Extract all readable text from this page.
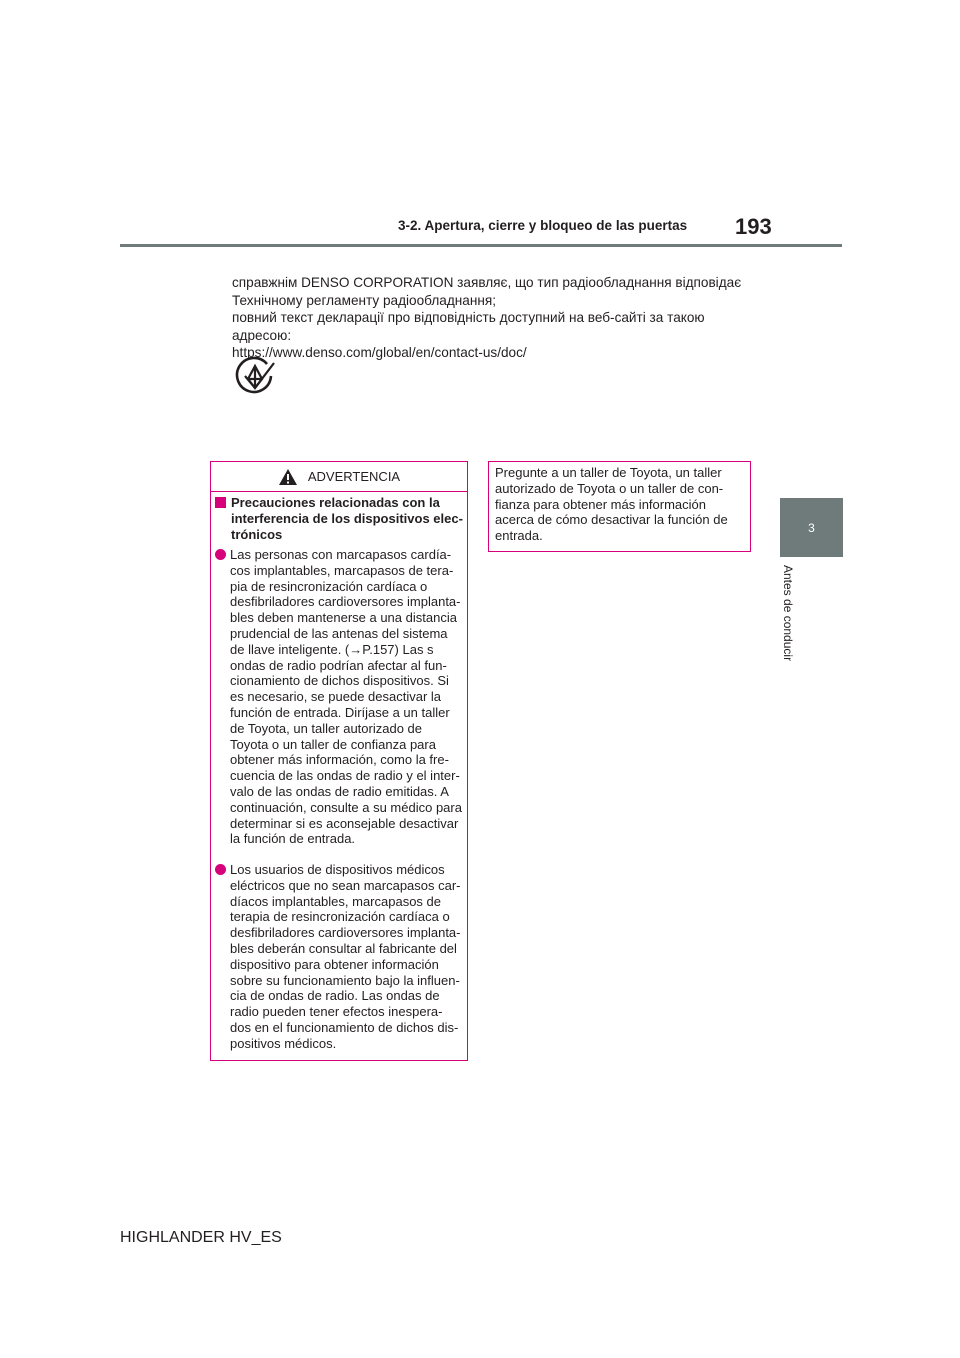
3-2. Apertura, cierre y bloqueo de las puertas 193
3
Antes de conducir

справжнім DENSO CORPORATION заявляє, що тип радіообладнання відповідає

Технічному регламенту радіообладнання;

повний текст декларації про відповідність доступний на веб-сайті за такою адресою:

https://www.denso.com/global/en/contact-us/doc/

ADVERTENCIA
Precauciones relacionadas con la interferencia de los dispositivos elec-trónicos
Las personas con marcapasos cardía-
cos implantables, marcapasos de tera-
pia de resincronización cardíaca o
desfibriladores cardioversores implanta-
bles deben mantenerse a una distancia
prudencial de las antenas del sistema
de llave inteligente. (→P.157) Las s
ondas de radio podrían afectar al fun-
cionamiento de dichos dispositivos. Si
es necesario, se puede desactivar la
función de entrada. Diríjase a un taller
de Toyota, un taller autorizado de
Toyota o un taller de confianza para
obtener más información, como la fre-
cuencia de las ondas de radio y el inter-
valo de las ondas de radio emitidas. A
continuación, consulte a su médico para
determinar si es aconsejable desactivar
la función de entrada.
Los usuarios de dispositivos médicos
eléctricos que no sean marcapasos car-
díacos implantables, marcapasos de
terapia de resincronización cardíaca o
desfibriladores cardioversores implanta-
bles deberán consultar al fabricante del
dispositivo para obtener información
sobre su funcionamiento bajo la influen-
cia de ondas de radio. Las ondas de
radio pueden tener efectos inespera-
dos en el funcionamiento de dichos dis-
positivos médicos.
Pregunte a un taller de Toyota, un taller
autorizado de Toyota o un taller de con-
fianza para obtener más información
acerca de cómo desactivar la función de
entrada.
HIGHLANDER HV_ES
